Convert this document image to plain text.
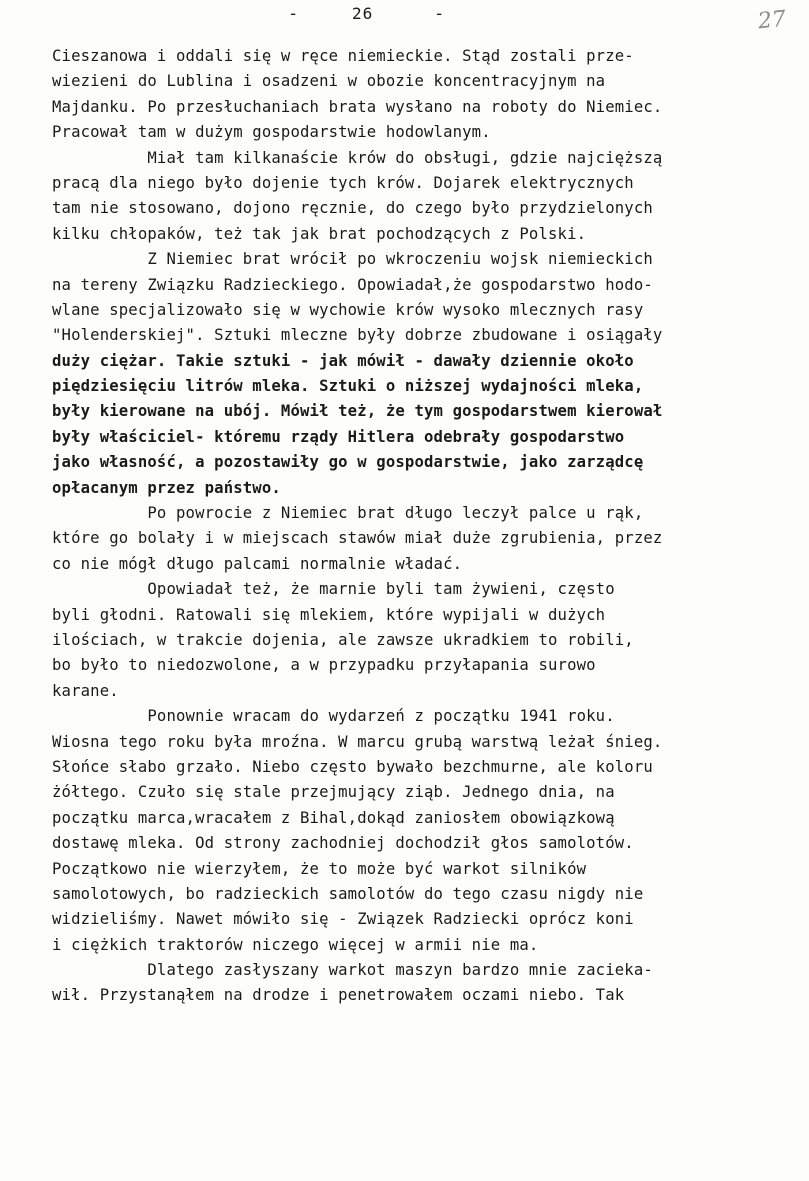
-	26	-	27
Cieszanowa i oddali się w ręce niemieckie. Stąd zostali prze-
wiezieni do Lublina i osadzeni w obozie koncentracyjnym na
Majdanku. Po przesłuchaniach brata wysłano na roboty do Niemiec.
Pracował tam w dużym gospodarstwie hodowlanym.
Miał tam kilkanaście krów do obsługi, gdzie najcięższą
pracą dla niego było dojenie tych krów. Dojarek elektrycznych
tam nie stosowano, dojono ręcznie, do czego było przydzielonych
kilku chłopaków, też tak jak brat pochodzących z Polski.
Z Niemiec brat wrócił po wkroczeniu wojsk niemieckich
na tereny Związku Radzieckiego. Opowiadał,że gospodarstwo hodo-
wlane specjalizowało się w wychowie krów wysoko mlecznych rasy
"Holenderskiej". Sztuki mleczne były dobrze zbudowane i osiągały
duży ciężar. Takie sztuki - jak mówił - dawały dziennie około
piędziesięciu litrów mleka. Sztuki o niższej wydajności mleka,
były kierowane na ubój. Mówił też, że tym gospodarstwem kierował
były właściciel- któremu rządy Hitlera odebrały gospodarstwo
jako własność, a pozostawiły go w gospodarstwie, jako zarządcę
opłacanym przez państwo.
Po powrocie z Niemiec brat długo leczył palce u rąk,
które go bolały i w miejscach stawów miał duże zgrubienia, przez
co nie mógł długo palcami normalnie władać.
Opowiadał też, że marnie byli tam żywieni, często
byli głodni. Ratowali się mlekiem, które wypijali w dużych
ilościach, w trakcie dojenia, ale zawsze ukradkiem to robili,
bo było to niedozwolone, a w przypadku przyłapania surowo
karane.
Ponownie wracam do wydarzeń z początku 1941 roku.
Wiosna tego roku była mroźna. W marcu grubą warstwą leżał śnieg.
Słońce słabo grzało. Niebo często bywało bezchmurne, ale koloru
żółtego. Czuło się stale przejmujący ziąb. Jednego dnia, na
początku marca,wracałem z Bihal,dokąd zaniosłem obowiązkową
dostawę mleka. Od strony zachodniej dochodził głos samolotów.
Początkowo nie wierzyłem, że to może być warkot silników
samolotowych, bo radzieckich samolotów do tego czasu nigdy nie
widzieliśmy. Nawet mówiło się - Związek Radziecki oprócz koni
i ciężkich traktorów niczego więcej w armii nie ma.
Dlatego zasłyszany warkot maszyn bardzo mnie zacieka-
wił. Przystanąłem na drodze i penetrowałem oczami niebo. Tak
